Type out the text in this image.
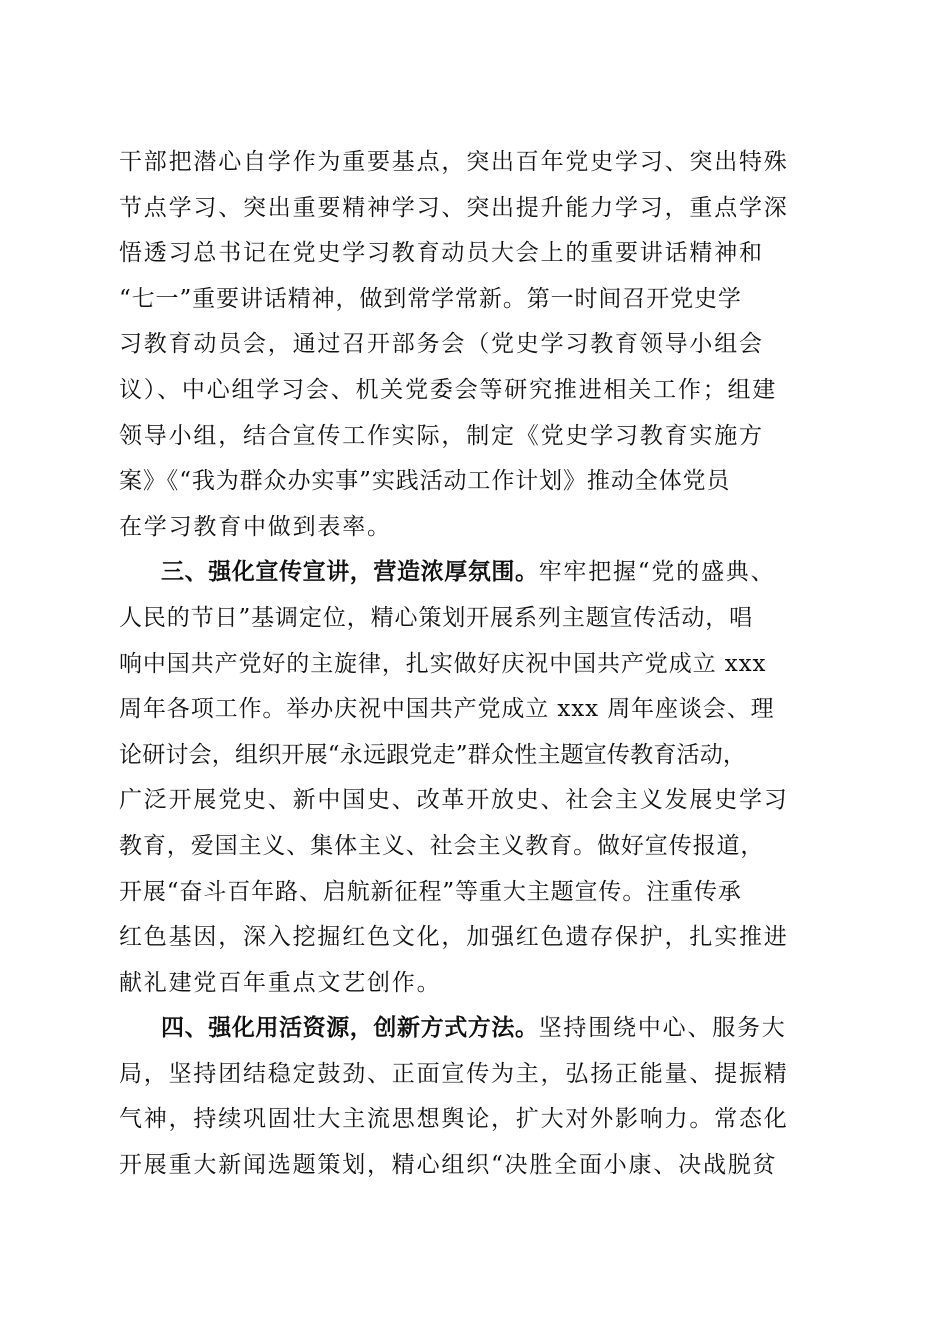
干部把潜心自学作为重要基点，突出百年党史学习、突出特殊
节点学习、突出重要精神学习、突出提升能力学习，重点学深
悟透习总书记在党史学习教育动员大会上的重要讲话精神和
“七一”重要讲话精神，做到常学常新。第一时间召开党史学
习教育动员会，通过召开部务会（党史学习教育领导小组会
议）、中心组学习会、机关党委会等研究推进相关工作；组建
领导小组，结合宣传工作实际，制定《党史学习教育实施方
案》《“我为群众办实事”实践活动工作计划》推动全体党员
在学习教育中做到表率。
三、强化宣传宣讲，营造浓厚氛围。牢牢把握“党的盛典、
人民的节日”基调定位，精心策划开展系列主题宣传活动，唱
响中国共产党好的主旋律，扎实做好庆祝中国共产党成立 xxx
周年各项工作。举办庆祝中国共产党成立 xxx 周年座谈会、理
论研讨会，组织开展“永远跟党走”群众性主题宣传教育活动，
广泛开展党史、新中国史、改革开放史、社会主义发展史学习
教育，爱国主义、集体主义、社会主义教育。做好宣传报道，
开展“奋斗百年路、启航新征程”等重大主题宣传。注重传承
红色基因，深入挖掘红色文化，加强红色遗存保护，扎实推进
献礼建党百年重点文艺创作。
四、强化用活资源，创新方式方法。坚持围绕中心、服务大
局，坚持团结稳定鼓劲、正面宣传为主，弘扬正能量、提振精
气神，持续巩固壮大主流思想舆论，扩大对外影响力。常态化
开展重大新闻选题策划，精心组织“决胜全面小康、决战脱贫
